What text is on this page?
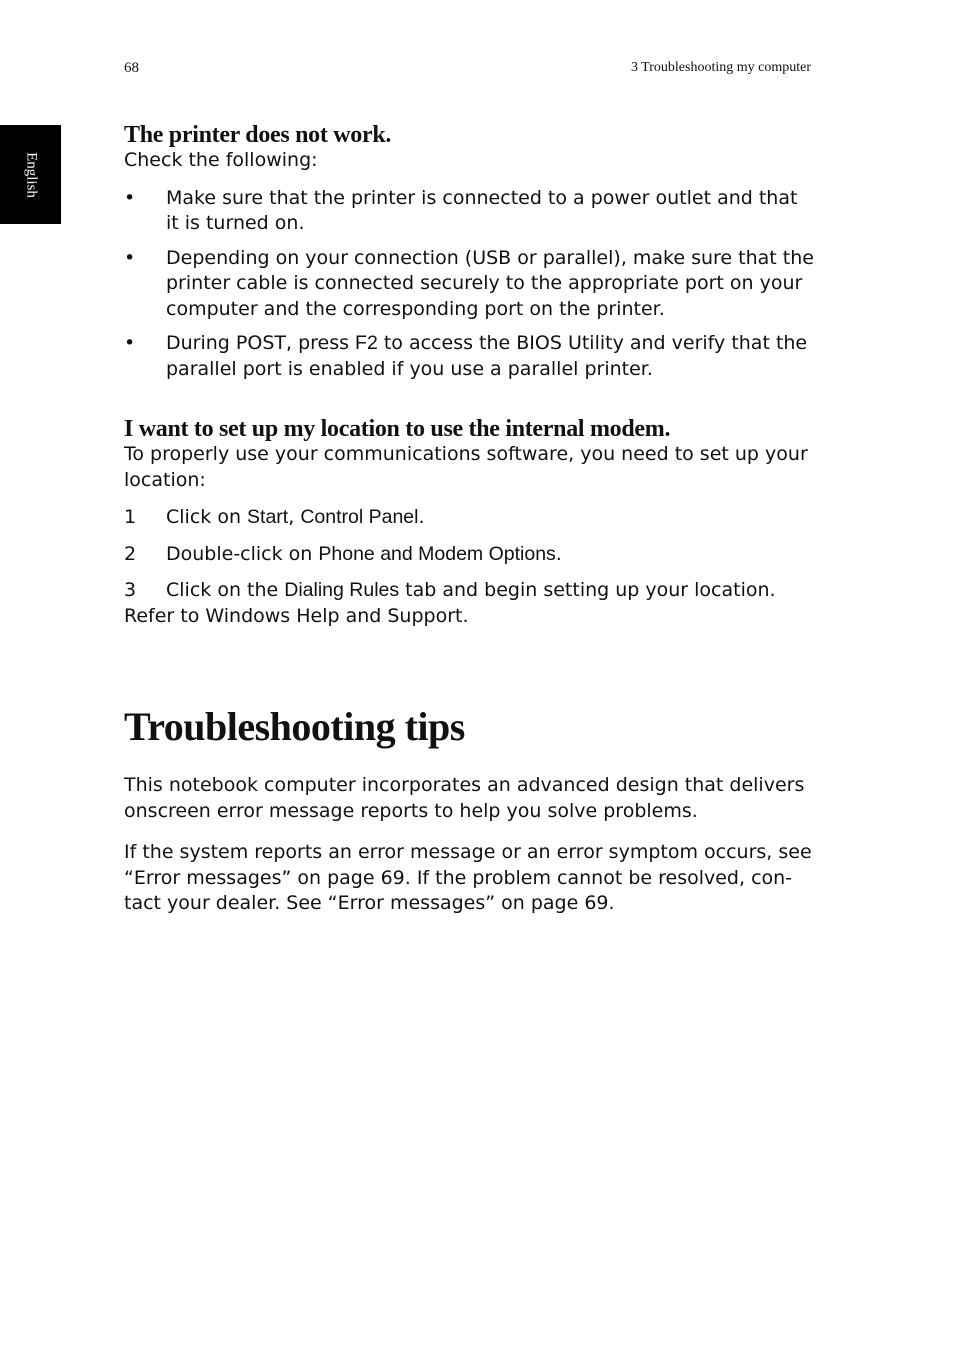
68	3 Troubleshooting my computer
English
The printer does not work.

Check the following:

• Make sure that the printer is connected to a power outlet and that it is turned on.
• Depending on your connection (USB or parallel), make sure that the printer cable is connected securely to the appropriate port on your computer and the corresponding port on the printer.
• During POST, press F2 to access the BIOS Utility and verify that the parallel port is enabled if you use a parallel printer.
I want to set up my location to use the internal modem.

To properly use your communications software, you need to set up your location:

1 Click on Start, Control Panel.
2 Double-click on Phone and Modem Options.
3 Click on the Dialing Rules tab and begin setting up your location.

Refer to Windows Help and Support.

Troubleshooting tips

This notebook computer incorporates an advanced design that delivers onscreen error message reports to help you solve problems.

If the system reports an error message or an error symptom occurs, see “Error messages” on page 69. If the problem cannot be resolved, con-tact your dealer. See “Error messages” on page 69.
